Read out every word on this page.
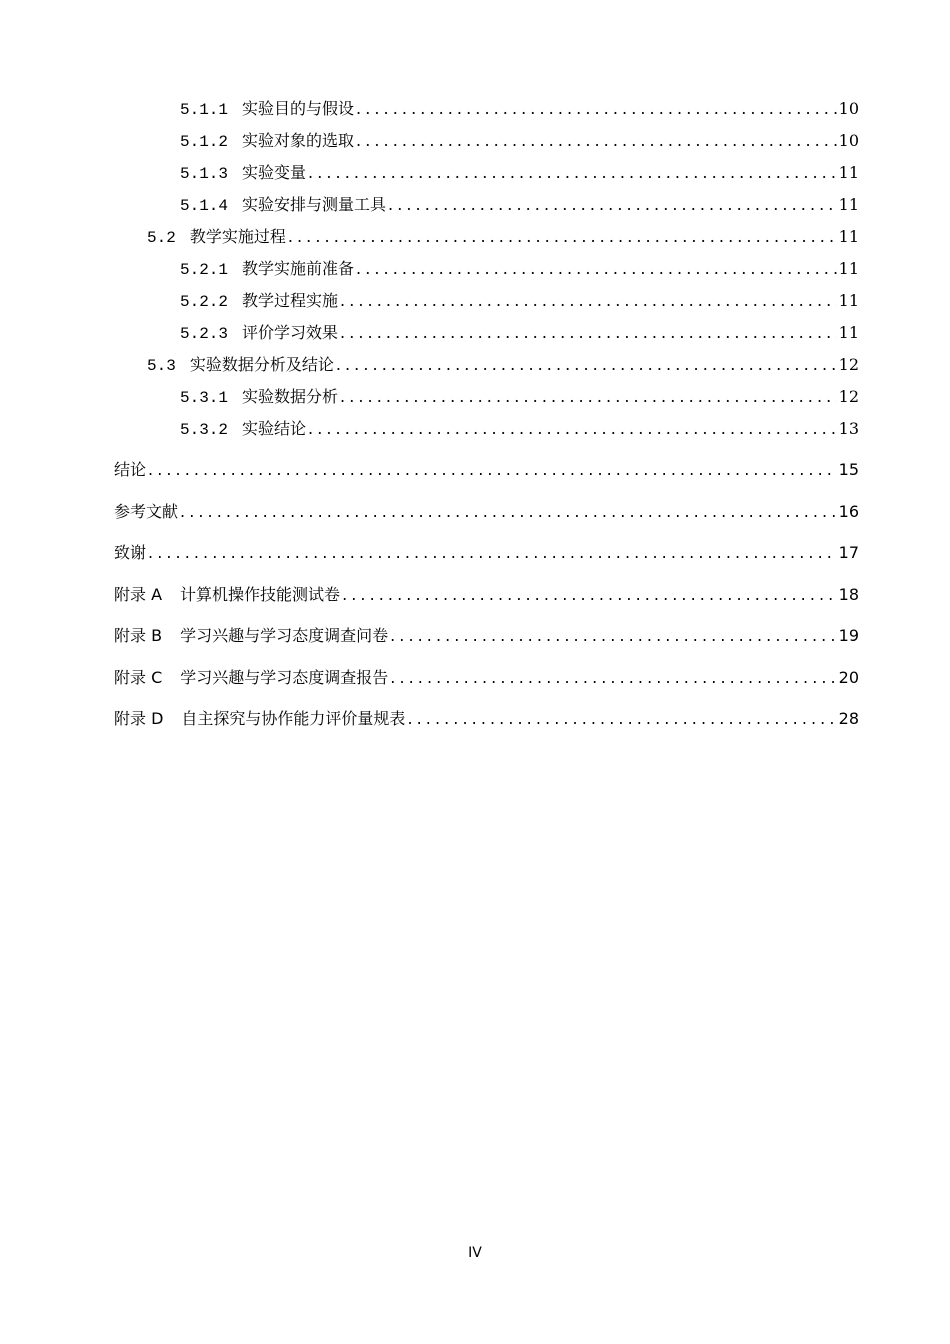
5.1.1 实验目的与假设 . . .	10
5.1.2 实验对象的选取 . . .	10
5.1.3 实验变量 . . .	11
5.1.4 实验安排与测量工具 . . .	11
5.2 教学实施过程 . . .	11
5.2.1 教学实施前准备 . . .	11
5.2.2 教学过程实施 . . .	11
5.2.3 评价学习效果 . . .	11
5.3 实验数据分析及结论 . . .	12
5.3.1 实验数据分析 . . .	12
5.3.2 实验结论 . . .	13
结论 . . .	15
参考文献 . . .	16
致谢 . . .	17
附录 A 计算机操作技能测试卷 . . .	18
附录 B 学习兴趣与学习态度调查问卷 . . .	19
附录 C 学习兴趣与学习态度调查报告 . . .	20
附录 D 自主探究与协作能力评价量规表 . . .	28
IV
